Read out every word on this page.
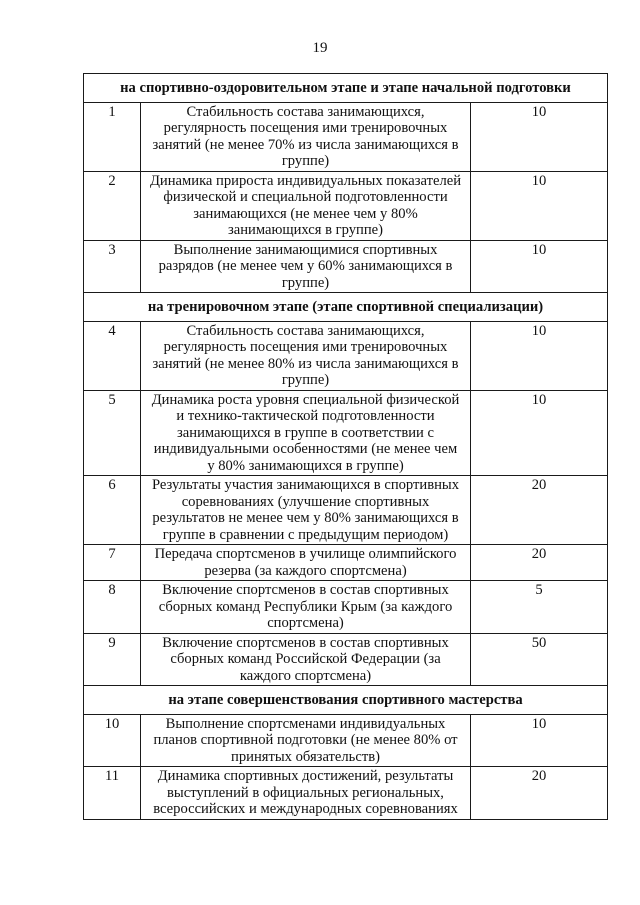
19
на спортивно-оздоровительном этапе и этапе начальной подготовки		
1	Стабильность состава занимающихся, регулярность посещения ими тренировочных занятий (не менее 70% из числа занимающихся в группе)	10
2	Динамика прироста индивидуальных показателей физической и специальной подготовленности занимающихся (не менее чем у 80% занимающихся в группе)	10
3	Выполнение занимающимися спортивных разрядов (не менее чем у 60% занимающихся в группе)	10
на тренировочном этапе (этапе спортивной специализации)		
4	Стабильность состава занимающихся, регулярность посещения ими тренировочных занятий (не менее 80% из числа занимающихся в группе)	10
5	Динамика роста уровня специальной физической и технико-тактической подготовленности занимающихся в группе в соответствии с индивидуальными особенностями (не менее чем у 80% занимающихся в группе)	10
6	Результаты участия занимающихся в спортивных соревнованиях (улучшение спортивных результатов не менее чем у 80% занимающихся в группе в сравнении с предыдущим периодом)	20
7	Передача спортсменов в училище олимпийского резерва (за каждого спортсмена)	20
8	Включение спортсменов в состав спортивных сборных команд Республики Крым (за каждого спортсмена)	5
9	Включение спортсменов в состав спортивных сборных команд Российской Федерации (за каждого спортсмена)	50
на этапе совершенствования спортивного мастерства		
10	Выполнение спортсменами индивидуальных планов спортивной подготовки (не менее 80% от принятых обязательств)	10
11	Динамика спортивных достижений, результаты выступлений в официальных региональных, всероссийских и международных соревнованиях	20
